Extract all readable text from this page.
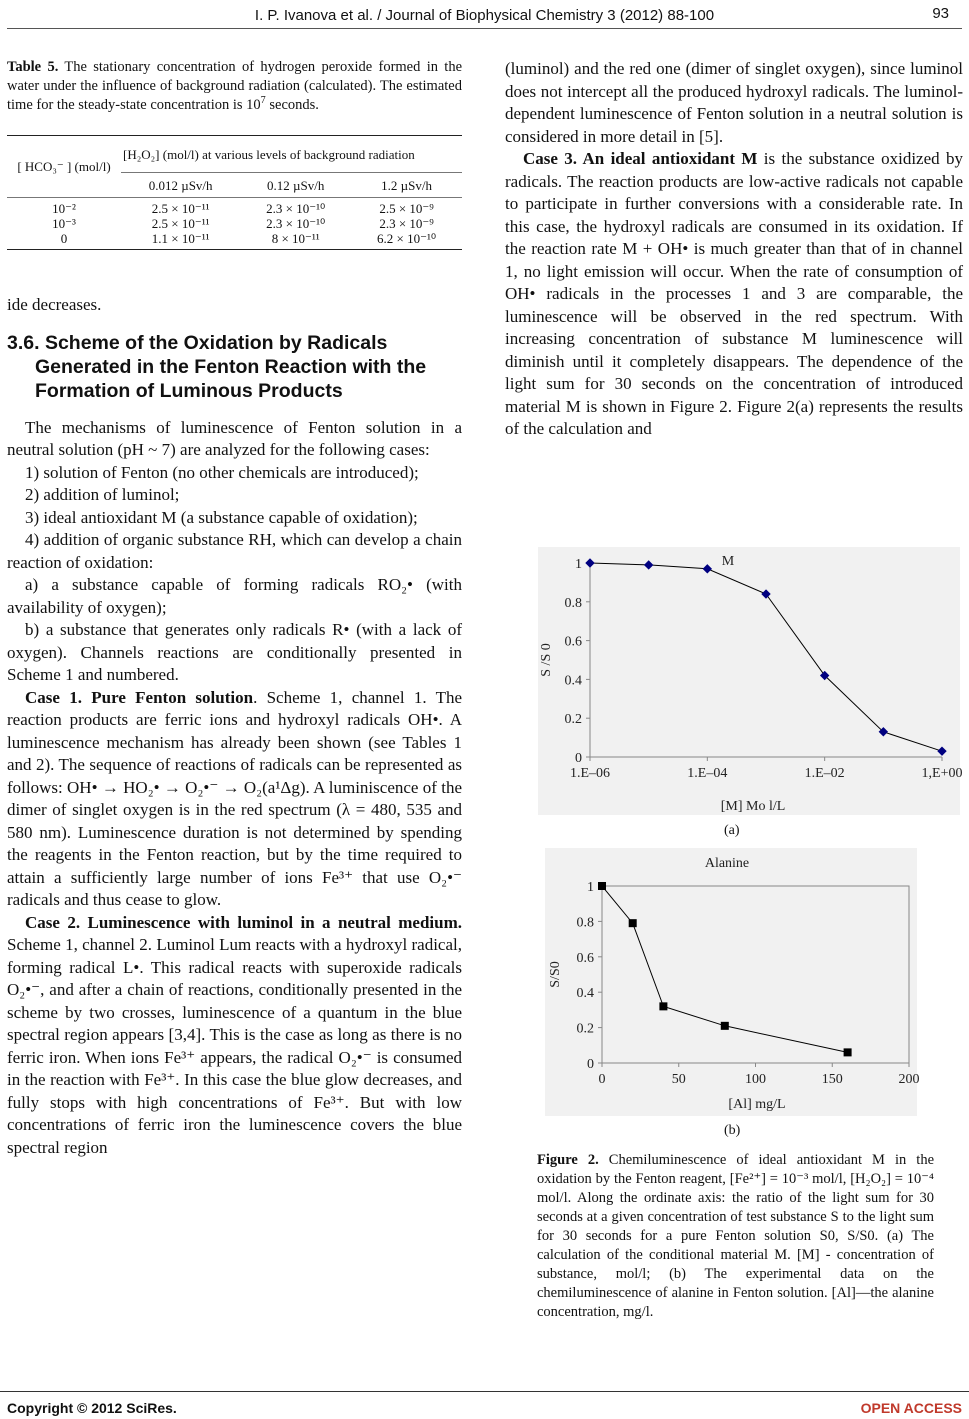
I. P. Ivanova et al. / Journal of Biophysical Chemistry 3 (2012) 88-100	93

Table 5. The stationary concentration of hydrogen peroxide formed in the water under the influence of background radiation (calculated). The estimated time for the steady-state concentration is $10^7$ seconds.

[ HCO₃⁻ ] (mol/l)	[H₂O₂] (mol/l) at various levels of background radiation		
	0.012 µSv/h	0.12 µSv/h	1.2 µSv/h
10⁻²	2.5 × 10⁻¹¹	2.3 × 10⁻¹⁰	2.5 × 10⁻⁹
10⁻³	2.5 × 10⁻¹¹	2.3 × 10⁻¹⁰	2.3 × 10⁻⁹
0	1.1 × 10⁻¹¹	8 × 10⁻¹¹	6.2 × 10⁻¹⁰

ide decreases.

3.6. Scheme of the Oxidation by Radicals Generated in the Fenton Reaction with the Formation of Luminous Products

The mechanisms of luminescence of Fenton solution in a neutral solution (pH ~ 7) are analyzed for the following cases:

1) solution of Fenton (no other chemicals are introduced);

2) addition of luminol;

3) ideal antioxidant M (a substance capable of oxidation);

4) addition of organic substance RH, which can develop a chain reaction of oxidation:

a) a substance capable of forming radicals RO₂• (with availability of oxygen);

b) a substance that generates only radicals R• (with a lack of oxygen). Channels reactions are conditionally presented in Scheme 1 and numbered.

Case 1. Pure Fenton solution. Scheme 1, channel 1. The reaction products are ferric ions and hydroxyl radicals OH•. A luminescence mechanism has already been shown (see Tables 1 and 2). The sequence of reactions of radicals can be represented as follows: OH• → HO₂• → O₂•⁻ → O₂(a¹Δg). A luminiscence of the dimer of singlet oxygen is in the red spectrum (λ = 480, 535 and 580 nm). Luminescence duration is not determined by spending the reagents in the Fenton reaction, but by the time required to attain a sufficiently large number of ions Fe³⁺ that use O₂•⁻ radicals and thus cease to glow.

Case 2. Luminescence with luminol in a neutral medium. Scheme 1, channel 2. Luminol Lum reacts with a hydroxyl radical, forming radical L•. This radical reacts with superoxide radicals O₂•⁻, and after a chain of reactions, conditionally presented in the scheme by two crosses, luminescence of a quantum in the blue spectral region appears [3,4]. This is the case as long as there is no ferric iron. When ions Fe³⁺ appears, the radical O₂•⁻ is consumed in the reaction with Fe³⁺. In this case the blue glow decreases, and fully stops with high concentrations of Fe³⁺. But with low concentrations of ferric iron the luminescence covers the blue spectral region

(luminol) and the red one (dimer of singlet oxygen), since luminol does not intercept all the produced hydroxyl radicals. The luminol-dependent luminescence of Fenton solution in a neutral solution is considered in more detail in [5].

Case 3. An ideal antioxidant M is the substance oxidized by radicals. The reaction products are low-active radicals not capable to participate in further conversions with a considerable rate. In this case, the hydroxyl radicals are consumed in its oxidation. If the reaction rate M + OH• is much greater than that of in channel 1, no light emission will occur. When the rate of consumption of OH• radicals in the processes 1 and 3 are comparable, the luminescence will be observed in the red spectrum. With increasing concentration of substance M luminescence will diminish until it completely disappears. The dependence of the light sum for 30 seconds on the concentration of introduced material M is shown in Figure 2. Figure 2(a) represents the results of the calculation and

0
0.2
0.4
0.6
0.8
1
1.E–06	1.E–04	1.E–02	1,E+00
M
[M] Mo l/L
S /S 0
(a)
0
0.2
0.4
0.6
0.8
1
0	50	100	150	200
Alanine
[Al] mg/L
S/S0
(b)

Figure 2. Chemiluminescence of ideal antioxidant M in the oxidation by the Fenton reagent, [Fe²⁺] = 10⁻³ mol/l, [H₂O₂] = 10⁻⁴ mol/l. Along the ordinate axis: the ratio of the light sum for 30 seconds at a given concentration of test substance S to the light sum for 30 seconds for a pure Fenton solution S0, S/S0. (a) The calculation of the conditional material M. [M] - concentration of substance, mol/l; (b) The experimental data on the chemiluminescence of alanine in Fenton solution. [Al]—the alanine concentration, mg/l.

Copyright © 2012 SciRes.	OPEN ACCESS
